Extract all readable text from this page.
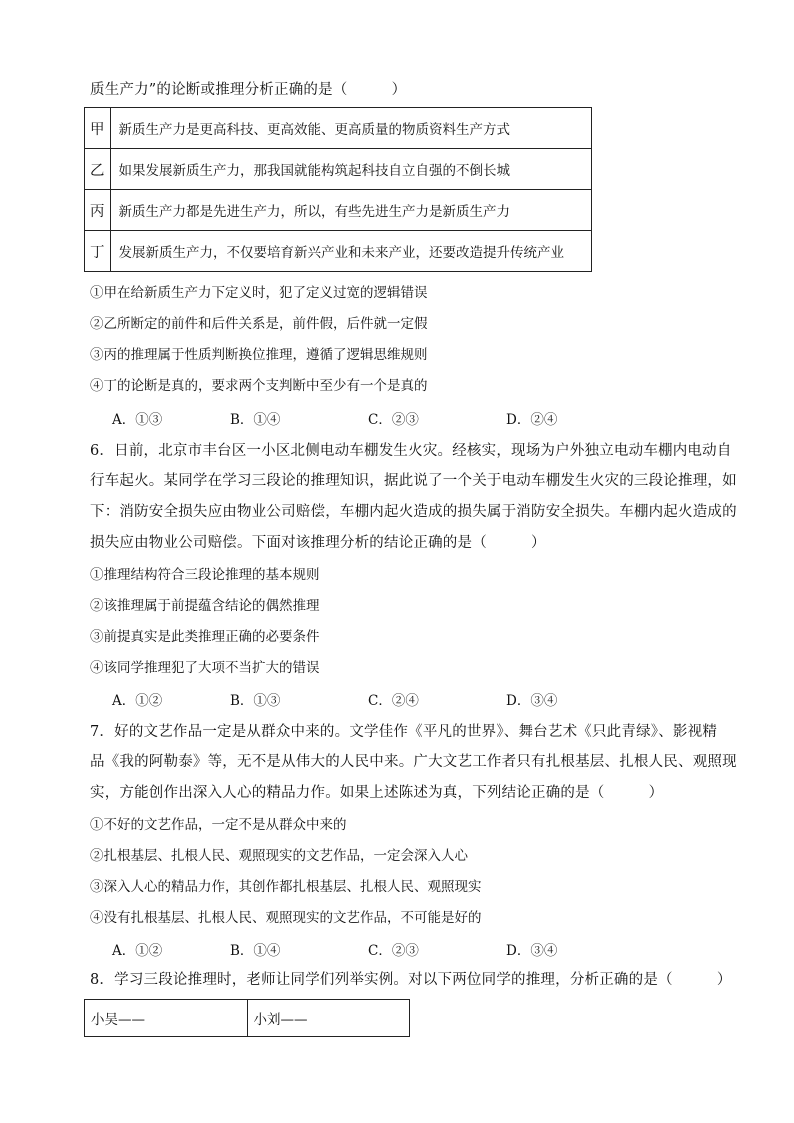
质生产力”的论断或推理分析正确的是（　　　）
甲	新质生产力是更高科技、更高效能、更高质量的物质资料生产方式
乙	如果发展新质生产力，那我国就能构筑起科技自立自强的不倒长城
丙	新质生产力都是先进生产力，所以，有些先进生产力是新质生产力
丁	发展新质生产力，不仅要培育新兴产业和未来产业，还要改造提升传统产业
①甲在给新质生产力下定义时，犯了定义过宽的逻辑错误
②乙所断定的前件和后件关系是，前件假，后件就一定假
③丙的推理属于性质判断换位推理，遵循了逻辑思维规则
④丁的论断是真的，要求两个支判断中至少有一个是真的
A．①③	B．①④	C．②③	D．②④
6．日前，北京市丰台区一小区北侧电动车棚发生火灾。经核实，现场为户外独立电动车棚内电动自
行车起火。某同学在学习三段论的推理知识，据此说了一个关于电动车棚发生火灾的三段论推理，如
下：消防安全损失应由物业公司赔偿，车棚内起火造成的损失属于消防安全损失。车棚内起火造成的
损失应由物业公司赔偿。下面对该推理分析的结论正确的是（　　　）
①推理结构符合三段论推理的基本规则
②该推理属于前提蕴含结论的偶然推理
③前提真实是此类推理正确的必要条件
④该同学推理犯了大项不当扩大的错误
A．①②	B．①③	C．②④	D．③④
7．好的文艺作品一定是从群众中来的。文学佳作《平凡的世界》、舞台艺术《只此青绿》、影视精
品《我的阿勒泰》等，无不是从伟大的人民中来。广大文艺工作者只有扎根基层、扎根人民、观照现
实，方能创作出深入人心的精品力作。如果上述陈述为真，下列结论正确的是（　　　）
①不好的文艺作品，一定不是从群众中来的
②扎根基层、扎根人民、观照现实的文艺作品，一定会深入人心
③深入人心的精品力作，其创作都扎根基层、扎根人民、观照现实
④没有扎根基层、扎根人民、观照现实的文艺作品，不可能是好的
A．①②	B．①④	C．②③	D．③④
8．学习三段论推理时，老师让同学们列举实例。对以下两位同学的推理，分析正确的是（　　　）
小吴——	小刘——
